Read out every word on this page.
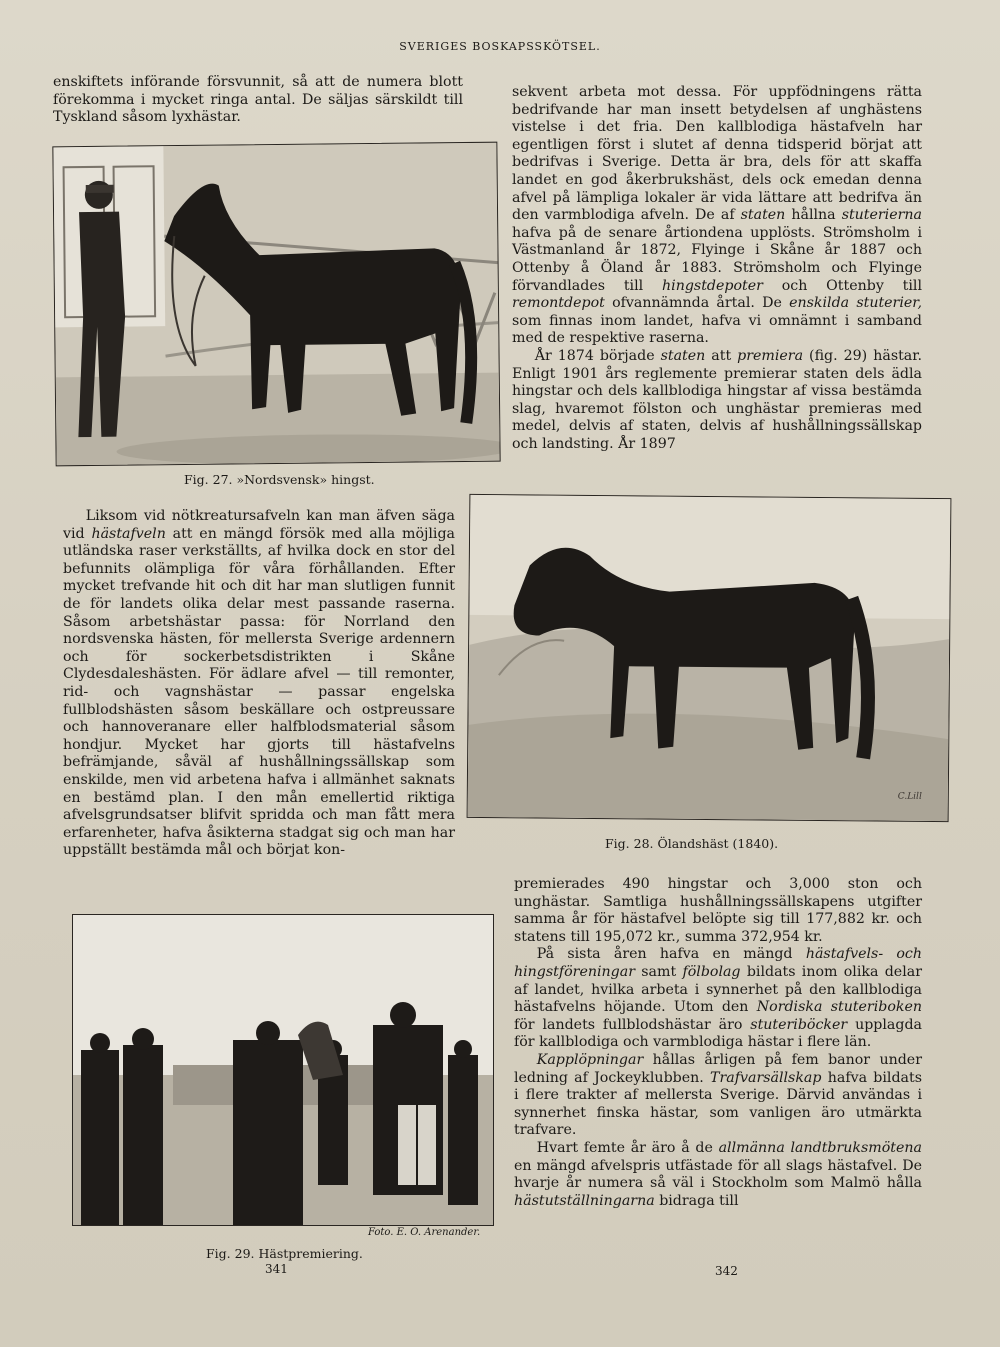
SVERIGES BOSKAPSSKÖTSEL.

enskiftets införande försvunnit, så att de numera blott förekomma i mycket ringa antal. De säljas särskildt till Tyskland såsom lyxhästar.

Fig. 27. »Nordsvensk» hingst.

Liksom vid nötkreatursafveln kan man äfven säga vid hästafveln att en mängd försök med alla möjliga utländska raser verkställts, af hvilka dock en stor del befunnits olämpliga för våra förhållanden. Efter mycket trefvande hit och dit har man slutligen funnit de för landets olika delar mest passande raserna. Såsom arbetshästar passa: för Norrland den nordsvenska hästen, för mellersta Sverige ardennern och för sockerbetsdistrikten i Skåne Clydesdaleshästen. För ädlare afvel — till remonter, rid- och vagnshästar — passar engelska fullblodshästen såsom beskällare och ostpreussare och hannoveranare eller halfblodsmaterial såsom hondjur. Mycket har gjorts till hästafvelns befrämjande, såväl af hushållningssällskap som enskilde, men vid arbetena hafva i allmänhet saknats en bestämd plan. I den mån emellertid riktiga afvelsgrundsatser blifvit spridda och man fått mera erfarenheter, hafva åsikterna stadgat sig och man har uppställt bestämda mål och börjat kon-

Foto. E. O. Arenander.
Fig. 29. Hästpremiering.
341

sekvent arbeta mot dessa. För uppfödningens rätta bedrifvande har man insett betydelsen af unghästens vistelse i det fria. Den kallblodiga hästafveln har egentligen först i slutet af denna tidsperid börjat att bedrifvas i Sverige. Detta är bra, dels för att skaffa landet en god åkerbrukshäst, dels ock emedan denna afvel på lämpliga lokaler är vida lättare att bedrifva än den varmblodiga afveln. De af staten hållna stuterierna hafva på de senare årtiondena upplösts. Strömsholm i Västmanland år 1872, Flyinge i Skåne år 1887 och Ottenby å Öland år 1883. Strömsholm och Flyinge förvandlades till hingstdepoter och Ottenby till remontdepot ofvannämnda årtal. De enskilda stuterier, som finnas inom landet, hafva vi omnämnt i samband med de respektive raserna.

År 1874 började staten att premiera (fig. 29) hästar. Enligt 1901 års reglemente premierar staten dels ädla hingstar och dels kallblodiga hingstar af vissa bestämda slag, hvaremot fölston och unghästar premieras med medel, delvis af staten, delvis af hushållningssällskap och landsting. År 1897

C.Lill
Fig. 28. Ölandshäst (1840).

premierades 490 hingstar och 3,000 ston och unghästar. Samtliga hushållningssällskapens utgifter samma år för hästafvel belöpte sig till 177,882 kr. och statens till 195,072 kr., summa 372,954 kr.

På sista åren hafva en mängd hästafvels- och hingstföreningar samt fölbolag bildats inom olika delar af landet, hvilka arbeta i synnerhet på den kallblodiga hästafvelns höjande. Utom den Nordiska stuteriboken för landets fullblodshästar äro stuteriböcker upplagda för kallblodiga och varmblodiga hästar i flere län.

Kapplöpningar hållas årligen på fem banor under ledning af Jockeyklubben. Trafvarsällskap hafva bildats i flere trakter af mellersta Sverige. Därvid användas i synnerhet finska hästar, som vanligen äro utmärkta trafvare.

Hvart femte år äro å de allmänna landtbruksmötena en mängd afvelspris utfästade för all slags hästafvel. De hvarje år numera så väl i Stockholm som Malmö hålla hästutställningarna bidraga till

342
